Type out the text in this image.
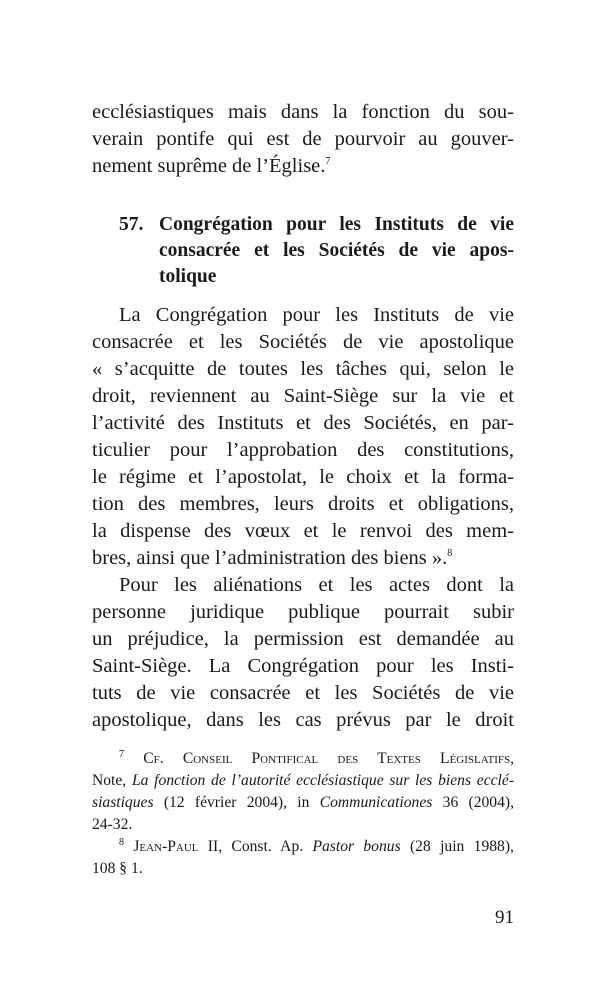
ecclésiastiques mais dans la fonction du sou-
verain pontife qui est de pourvoir au gouver-
nement suprême de l’Église.$^7$
57. Congrégation pour les Instituts de vie
consacrée et les Sociétés de vie apos-
tolique
La Congrégation pour les Instituts de vie
consacrée et les Sociétés de vie apostolique
« s’acquitte de toutes les tâches qui, selon le
droit, reviennent au Saint-Siège sur la vie et
l’activité des Instituts et des Sociétés, en par-
ticulier pour l’approbation des constitutions,
le régime et l’apostolat, le choix et la forma-
tion des membres, leurs droits et obligations,
la dispense des vœux et le renvoi des mem-
bres, ainsi que l’administration des biens ».$^8$
Pour les aliénations et les actes dont la
personne juridique publique pourrait subir
un préjudice, la permission est demandée au
Saint-Siège. La Congrégation pour les Insti-
tuts de vie consacrée et les Sociétés de vie
apostolique, dans les cas prévus par le droit
$^7$ Cf. Conseil Pontifical des Textes Législatifs,
Note, La fonction de l’autorité ecclésiastique sur les biens ecclé-
siastiques (12 février 2004), in Communicationes 36 (2004),
24-32.
$^8$ Jean-Paul II, Const. Ap. Pastor bonus (28 juin 1988),
108 § 1.
91
